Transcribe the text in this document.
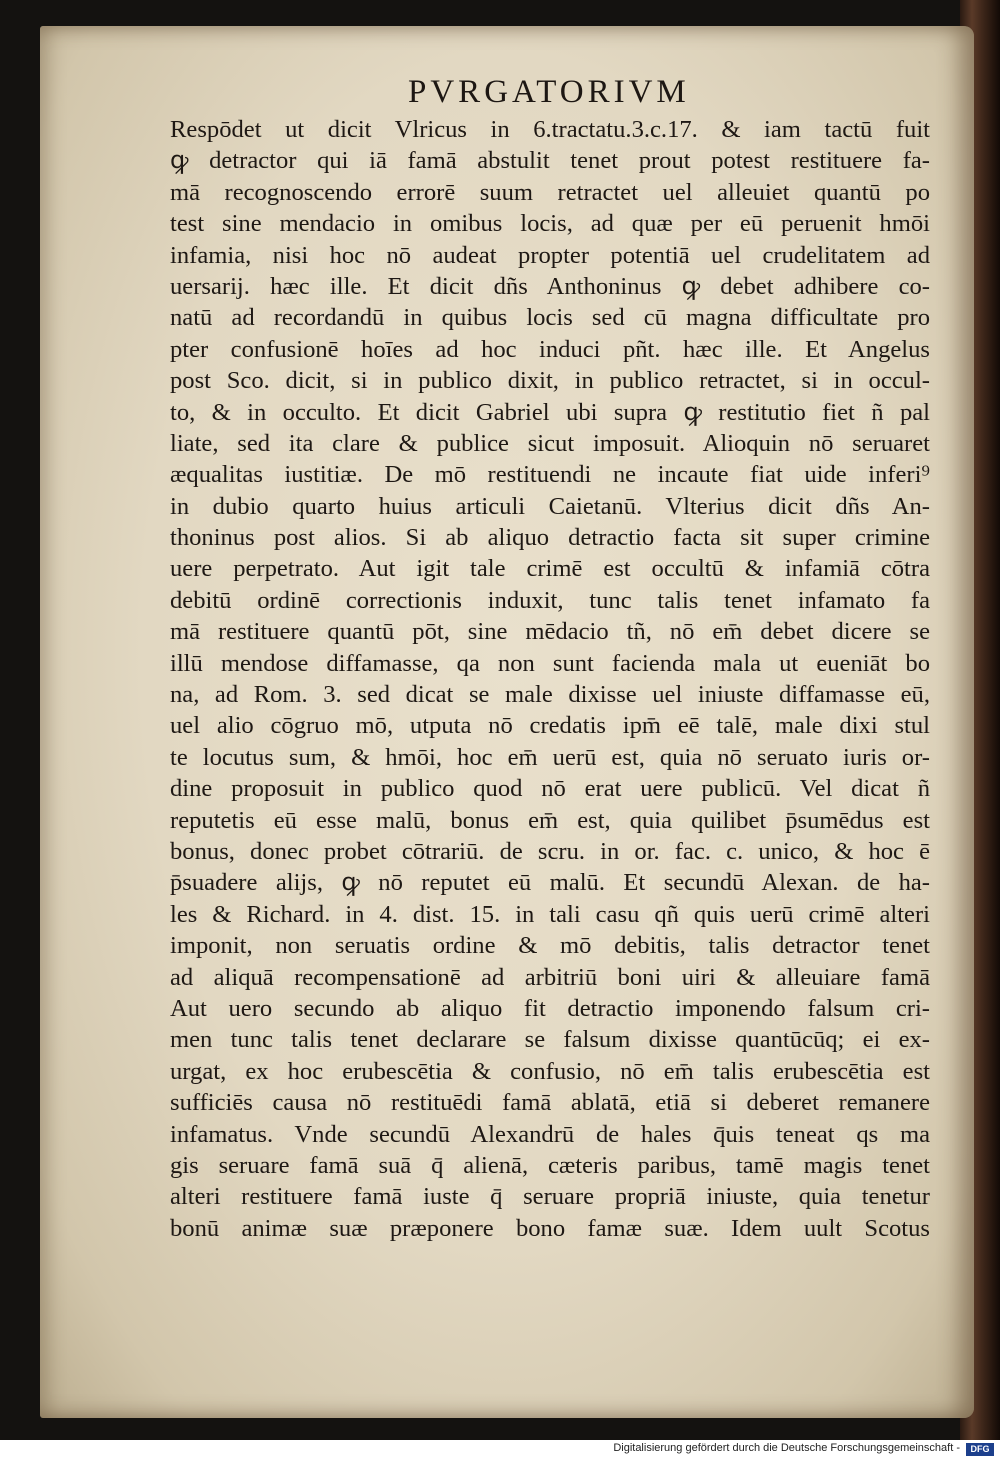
PVRGATORIVM
Respōdet ut dicit Vlricus in 6.tractatu.3.c.17. & iam tactū fuit
ꝙ detractor qui iā famā abstulit tenet prout potest restituere fa-
mā recognoscendo errorē suum retractet uel alleuiet quantū po
test sine mendacio in omibus locis, ad quæ per eū peruenit hmōi
infamia, nisi hoc nō audeat propter potentiā uel crudelitatem ad
uersarij. hæc ille. Et dicit dñs Anthoninus ꝙ debet adhibere co-
natū ad recordandū in quibus locis sed cū magna difficultate pro
pter confusionē hoīes ad hoc induci pñt. hæc ille. Et Angelus
post Sco. dicit, si in publico dixit, in publico retractet, si in occul-
to, & in occulto. Et dicit Gabriel ubi supra ꝙ restitutio fiet ñ pal
liate, sed ita clare & publice sicut imposuit. Alioquin nō seruaret
æqualitas iustitiæ. De mō restituendi ne incaute fiat uide inferi⁹
in dubio quarto huius articuli Caietanū. Vlterius dicit dñs An-
thoninus post alios. Si ab aliquo detractio facta sit super crimine
uere perpetrato. Aut igit tale crimē est occultū & infamiā cōtra
debitū ordinē correctionis induxit, tunc talis tenet infamato fa
mā restituere quantū pōt, sine mēdacio tñ, nō em̄ debet dicere se
illū mendose diffamasse, qa non sunt facienda mala ut eueniāt bo
na, ad Rom. 3. sed dicat se male dixisse uel iniuste diffamasse eū,
uel alio cōgruo mō, utputa nō credatis ipm̄ eē talē, male dixi stul
te locutus sum, & hmōi, hoc em̄ uerū est, quia nō seruato iuris or-
dine proposuit in publico quod nō erat uere publicū. Vel dicat ñ
reputetis eū esse malū, bonus em̄ est, quia quilibet p̄sumēdus est
bonus, donec probet cōtrariū. de scru. in or. fac. c. unico, & hoc ē
p̄suadere alijs, ꝙ nō reputet eū malū. Et secundū Alexan. de ha-
les & Richard. in 4. dist. 15. in tali casu qñ quis uerū crimē alteri
imponit, non seruatis ordine & mō debitis, talis detractor tenet
ad aliquā recompensationē ad arbitriū boni uiri & alleuiare famā
Aut uero secundo ab aliquo fit detractio imponendo falsum cri-
men tunc talis tenet declarare se falsum dixisse quantūcūq; ei ex-
urgat, ex hoc erubescētia & confusio, nō em̄ talis erubescētia est
sufficiēs causa nō restituēdi famā ablatā, etiā si deberet remanere
infamatus. Vnde secundū Alexandrū de hales q̄uis teneat qs ma
gis seruare famā suā q̄ alienā, cæteris paribus, tamē magis tenet
alteri restituere famā iuste q̄ seruare propriā iniuste, quia tenetur
bonū animæ suæ præponere bono famæ suæ. Idem uult Scotus
Digitalisierung gefördert durch die Deutsche Forschungsgemeinschaft -	DFG
